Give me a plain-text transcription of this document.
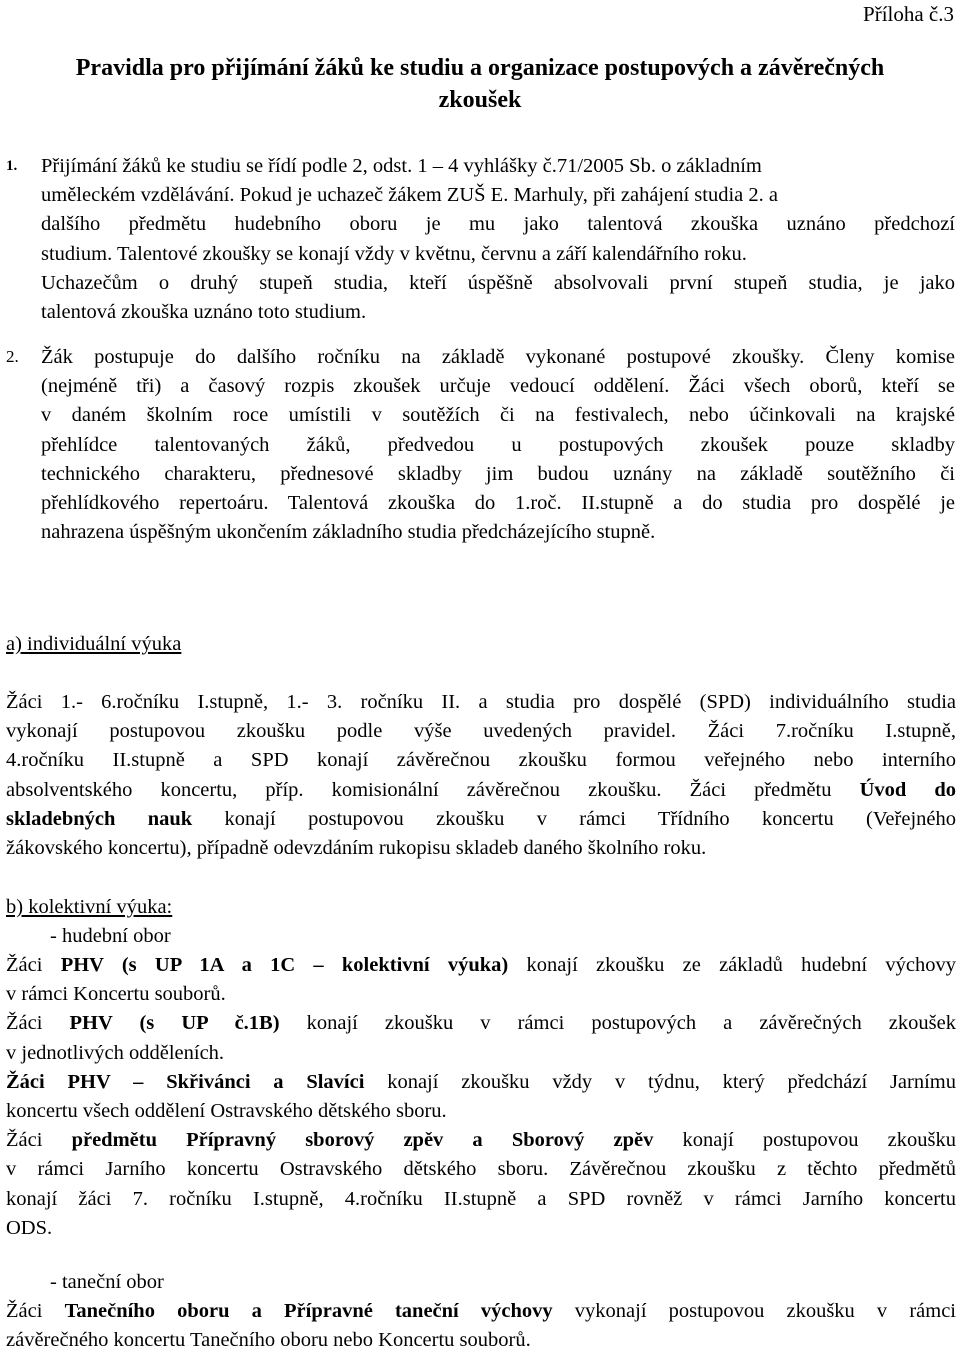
Příloha č.3
Pravidla pro přijímání žáků ke studiu a organizace postupových a závěrečných zkoušek
1. Přijímání žáků ke studiu se řídí podle 2, odst. 1 – 4 vyhlášky č.71/2005 Sb. o základním

uměleckém vzdělávání. Pokud je uchazeč žákem ZUŠ E. Marhuly, při zahájení studia 2. a

dalšího předmětu hudebního oboru je mu jako talentová zkouška uznáno předchozí

studium. Talentové zkoušky se konají vždy v květnu, červnu a září kalendářního roku.

Uchazečům o druhý stupeň studia, kteří úspěšně absolvovali první stupeň studia, je jako

talentová zkouška uznáno toto studium.

2. Žák postupuje do dalšího ročníku na základě vykonané postupové zkoušky. Členy komise

(nejméně tři) a časový rozpis zkoušek určuje vedoucí oddělení. Žáci všech oborů, kteří se

v daném školním roce umístili v soutěžích či na festivalech, nebo účinkovali na krajské

přehlídce talentovaných žáků, předvedou u postupových zkoušek pouze skladby

technického charakteru, přednesové skladby jim budou uznány na základě soutěžního či

přehlídkového repertoáru. Talentová zkouška do 1.roč. II.stupně a do studia pro dospělé je

nahrazena úspěšným ukončením základního studia předcházejícího stupně.

a) individuální výuka

Žáci 1.- 6.ročníku I.stupně, 1.- 3. ročníku II. a studia pro dospělé (SPD) individuálního studia

vykonají postupovou zkoušku podle výše uvedených pravidel. Žáci 7.ročníku I.stupně,

4.ročníku II.stupně a SPD konají závěrečnou zkoušku formou veřejného nebo interního

absolventského koncertu, příp. komisionální závěrečnou zkoušku. Žáci předmětu Úvod do

skladebných nauk konají postupovou zkoušku v rámci Třídního koncertu (Veřejného

žákovského koncertu), případně odevzdáním rukopisu skladeb daného školního roku.

b) kolektivní výuka:
- hudební obor

Žáci PHV (s UP 1A a 1C – kolektivní výuka) konají zkoušku ze základů hudební výchovy

v rámci Koncertu souborů.

Žáci PHV (s UP č.1B) konají zkoušku v rámci postupových a závěrečných zkoušek

v jednotlivých odděleních.

Žáci PHV – Skřivánci a Slavíci konají zkoušku vždy v týdnu, který předchází Jarnímu

koncertu všech oddělení Ostravského dětského sboru.

Žáci předmětu Přípravný sborový zpěv a Sborový zpěv konají postupovou zkoušku

v rámci Jarního koncertu Ostravského dětského sboru. Závěrečnou zkoušku z těchto předmětů

konají žáci 7. ročníku I.stupně, 4.ročníku II.stupně a SPD rovněž v rámci Jarního koncertu

ODS.

- taneční obor

Žáci Tanečního oboru a Přípravné taneční výchovy vykonají postupovou zkoušku v rámci

závěrečného koncertu Tanečního oboru nebo Koncertu souborů.
